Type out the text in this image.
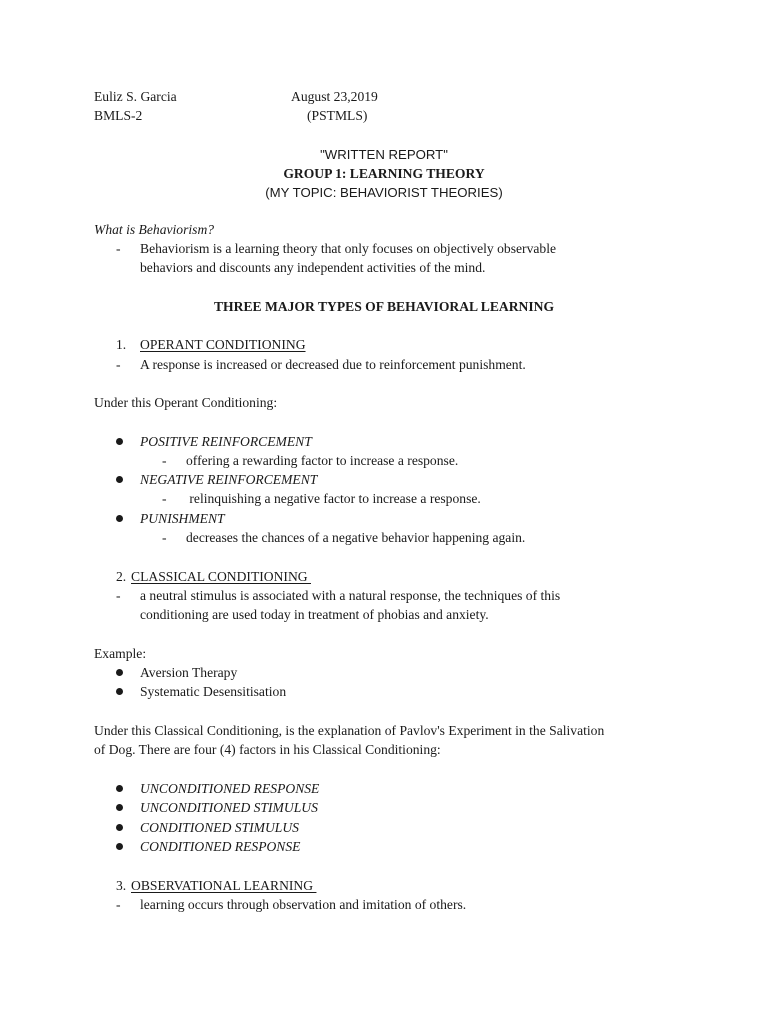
Euliz S. Garcia	August 23,2019
BMLS-2	(PSTMLS)
"WRITTEN REPORT"
GROUP 1: LEARNING THEORY
(MY TOPIC: BEHAVIORIST THEORIES)
What is Behaviorism?
- Behaviorism is a learning theory that only focuses on objectively observable
behaviors and discounts any independent activities of the mind.
THREE MAJOR TYPES OF BEHAVIORAL LEARNING
1. OPERANT CONDITIONING
- A response is increased or decreased due to reinforcement punishment.
Under this Operant Conditioning:
POSITIVE REINFORCEMENT
- offering a rewarding factor to increase a response.
NEGATIVE REINFORCEMENT
- relinquishing a negative factor to increase a response.
PUNISHMENT
- decreases the chances of a negative behavior happening again.
2. CLASSICAL CONDITIONING
- a neutral stimulus is associated with a natural response, the techniques of this
conditioning are used today in treatment of phobias and anxiety.
Example:
Aversion Therapy
Systematic Desensitisation
Under this Classical Conditioning, is the explanation of Pavlov's Experiment in the Salivation
of Dog. There are four (4) factors in his Classical Conditioning:
UNCONDITIONED RESPONSE
UNCONDITIONED STIMULUS
CONDITIONED STIMULUS
CONDITIONED RESPONSE
3. OBSERVATIONAL LEARNING
- learning occurs through observation and imitation of others.
